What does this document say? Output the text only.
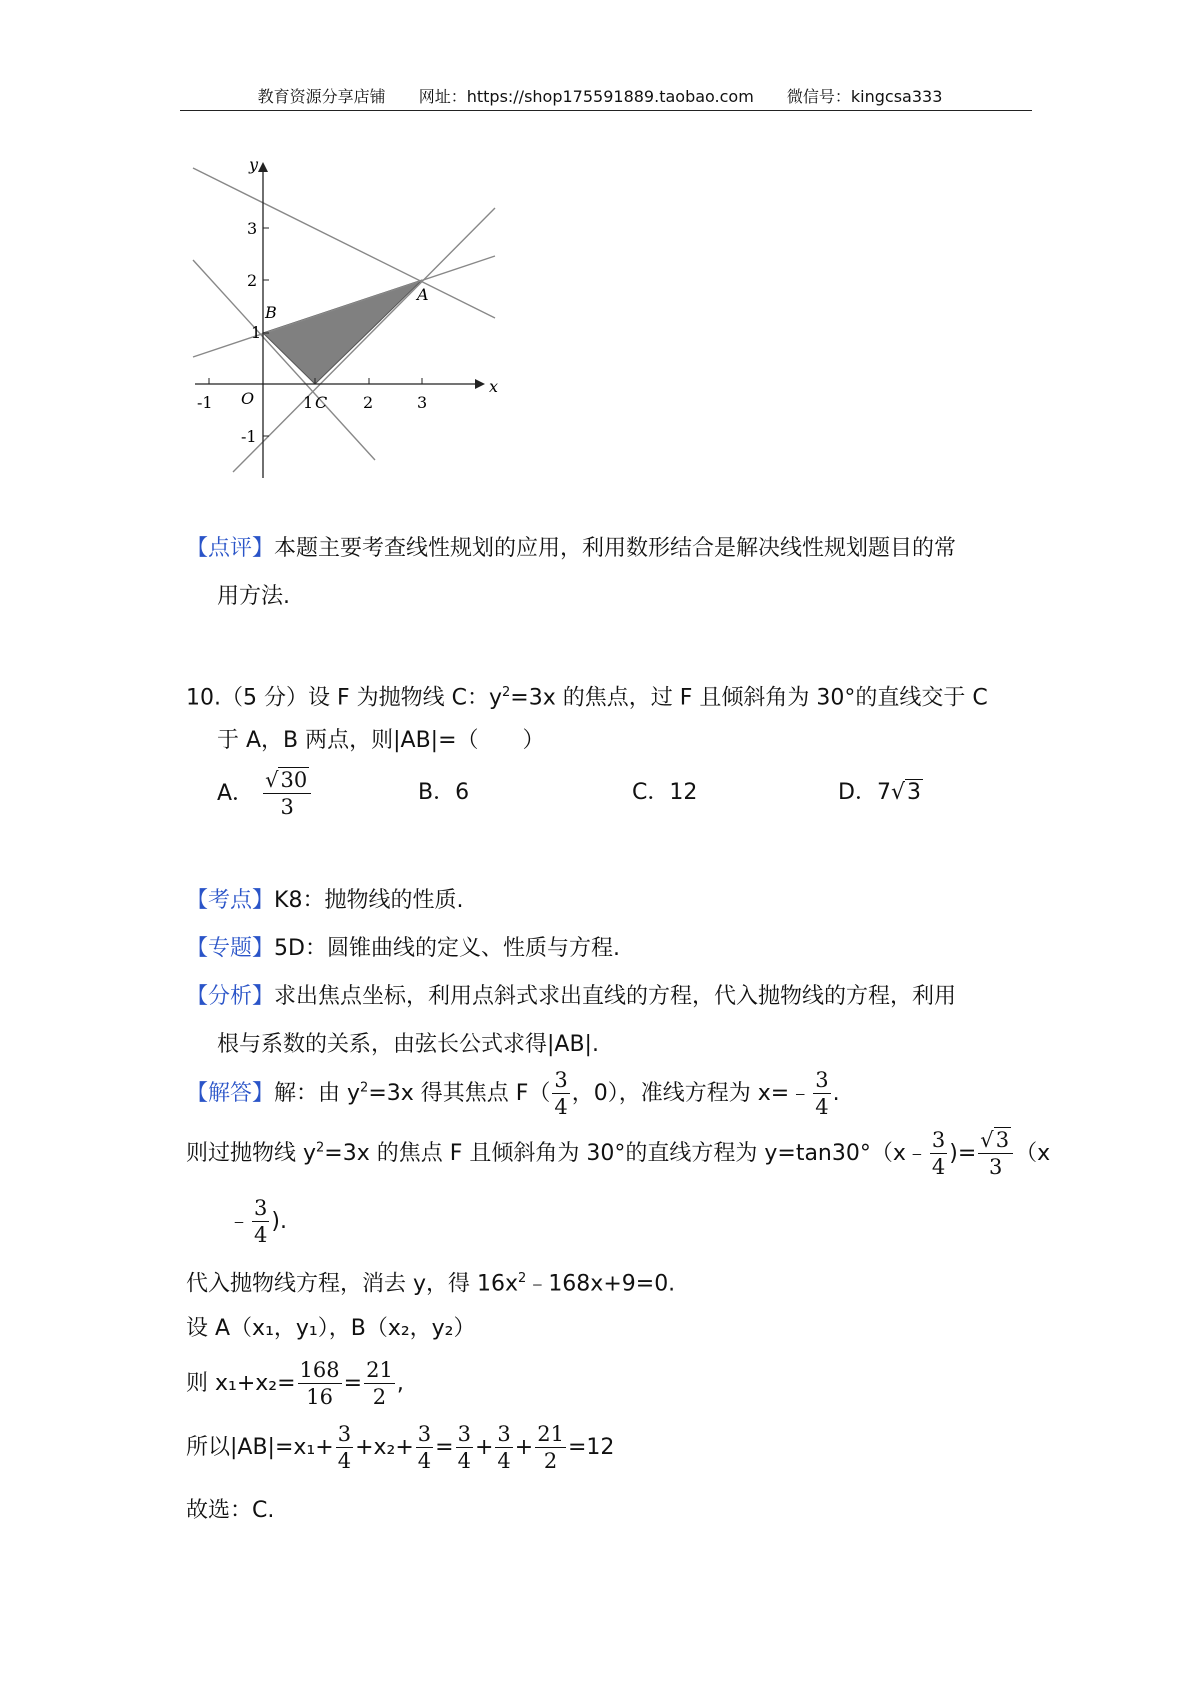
教育资源分享店铺 网址：https://shop175591889.taobao.com 微信号：kingcsa333
x
y
O
-1	1	2	3
-1
1
2
3
A
B
C
【点评】本题主要考查线性规划的应用，利用数形结合是解决线性规划题目的常
用方法.
10.（5 分）设 F 为抛物线 C：$y^2=3x$ 的焦点，过 F 且倾斜角为 30°的直线交于 C
于 A，B 两点，则|AB|=（　　）
A． $\frac{√30}{3}$	B．6	C．12	D．7√3
【考点】K8：抛物线的性质.
【专题】5D：圆锥曲线的定义、性质与方程.
【分析】求出焦点坐标，利用点斜式求出直线的方程，代入抛物线的方程，利用
根与系数的关系，由弦长公式求得|AB|.
【解答】解：由 $y^2=3x$ 得其焦点 $F( \frac{3}{4}$ ，0），准线方程为 x=﹣ $\frac{3}{4}$ .
则过抛物线 $y^2=3x$ 的焦点 F 且倾斜角为 30°的直线方程为 y=tan30°（x﹣ $\frac{3}{4}$ )= $\frac{√3}{3} (x$
﹣ $\frac{3}{4}$ ).
代入抛物线方程，消去 y，得 $16x^2﹣168x+9=0$.
设 A（x₁，y₁），B（x₂，y₂）
则 $x_1+x_2= \frac{168}{16} = \frac{21}{2}$ ,
所以$|AB|=x_1+ \frac{3}{4} +x_2+ \frac{3}{4} = \frac{3}{4} + \frac{3}{4} + \frac{21}{2} =12$
故选：C.
